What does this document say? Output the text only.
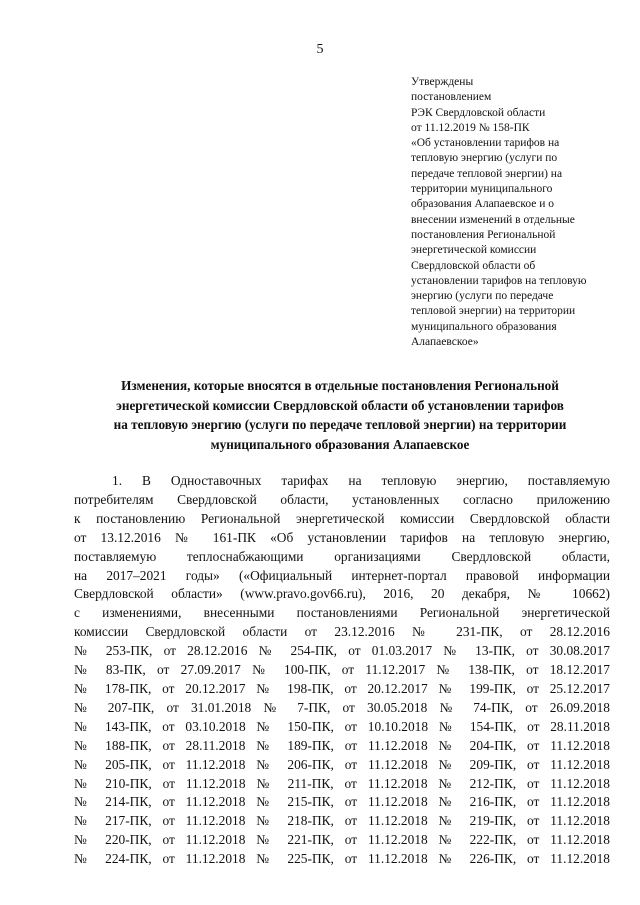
5
Утверждены
постановлением
РЭК Свердловской области
от 11.12.2019 № 158-ПК
«Об установлении тарифов на
тепловую энергию (услуги по
передаче тепловой энергии) на
территории муниципального
образования Алапаевское и о
внесении изменений в отдельные
постановления Региональной
энергетической комиссии
Свердловской области об
установлении тарифов на тепловую
энергию (услуги по передаче
тепловой энергии) на территории
муниципального образования
Алапаевское»
Изменения, которые вносятся в отдельные постановления Региональной
энергетической комиссии Свердловской области об установлении тарифов
на тепловую энергию (услуги по передаче тепловой энергии) на территории
муниципального образования Алапаевское
1. В Одноставочных тарифах на тепловую энергию, поставляемую
потребителям Свердловской области, установленных согласно приложению
к постановлению Региональной энергетической комиссии Свердловской области
от 13.12.2016 № 161-ПК «Об установлении тарифов на тепловую энергию,
поставляемую теплоснабжающими организациями Свердловской области,
на 2017–2021 годы» («Официальный интернет-портал правовой информации
Свердловской области» (www.pravo.gov66.ru), 2016, 20 декабря, № 10662)
с изменениями, внесенными постановлениями Региональной энергетической
комиссии Свердловской области от 23.12.2016 № 231-ПК, от 28.12.2016
№ 253-ПК, от 28.12.2016 № 254-ПК, от 01.03.2017 № 13-ПК, от 30.08.2017
№ 83-ПК, от 27.09.2017 № 100-ПК, от 11.12.2017 № 138-ПК, от 18.12.2017
№ 178-ПК, от 20.12.2017 № 198-ПК, от 20.12.2017 № 199-ПК, от 25.12.2017
№ 207-ПК, от 31.01.2018 № 7-ПК, от 30.05.2018 № 74-ПК, от 26.09.2018
№ 143-ПК, от 03.10.2018 № 150-ПК, от 10.10.2018 № 154-ПК, от 28.11.2018
№ 188-ПК, от 28.11.2018 № 189-ПК, от 11.12.2018 № 204-ПК, от 11.12.2018
№ 205-ПК, от 11.12.2018 № 206-ПК, от 11.12.2018 № 209-ПК, от 11.12.2018
№ 210-ПК, от 11.12.2018 № 211-ПК, от 11.12.2018 № 212-ПК, от 11.12.2018
№ 214-ПК, от 11.12.2018 № 215-ПК, от 11.12.2018 № 216-ПК, от 11.12.2018
№ 217-ПК, от 11.12.2018 № 218-ПК, от 11.12.2018 № 219-ПК, от 11.12.2018
№ 220-ПК, от 11.12.2018 № 221-ПК, от 11.12.2018 № 222-ПК, от 11.12.2018
№ 224-ПК, от 11.12.2018 № 225-ПК, от 11.12.2018 № 226-ПК, от 11.12.2018
